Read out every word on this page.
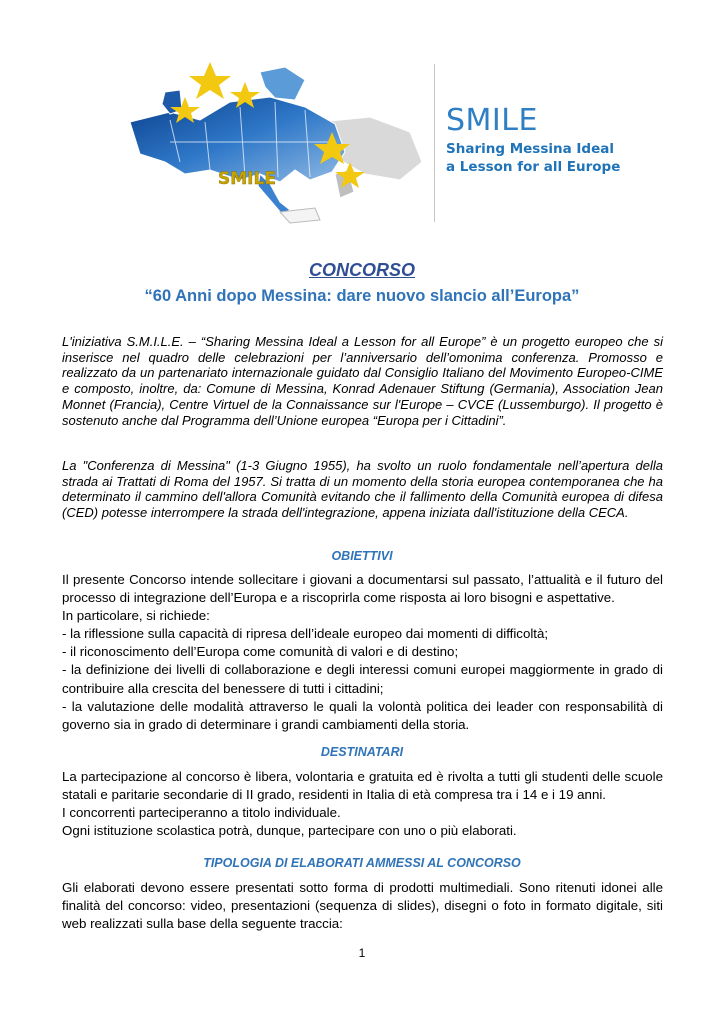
SMILE
SMILE
Sharing Messina Ideal
a Lesson for all Europe
CONCORSO
“60 Anni dopo Messina: dare nuovo slancio all’Europa”
L'iniziativa S.M.I.L.E. – “Sharing Messina Ideal a Lesson for all Europe” è un progetto europeo che si inserisce nel quadro delle celebrazioni per l’anniversario dell’omonima conferenza. Promosso e realizzato da un partenariato internazionale guidato dal Consiglio Italiano del Movimento Europeo-CIME e composto, inoltre, da: Comune di Messina, Konrad Adenauer Stiftung (Germania), Association Jean Monnet (Francia), Centre Virtuel de la Connaissance sur l'Europe – CVCE (Lussemburgo). Il progetto è sostenuto anche dal Programma dell’Unione europea “Europa per i Cittadini”.
La "Conferenza di Messina" (1-3 Giugno 1955), ha svolto un ruolo fondamentale nell’apertura della strada ai Trattati di Roma del 1957. Si tratta di un momento della storia europea contemporanea che ha determinato il cammino dell'allora Comunità evitando che il fallimento della Comunità europea di difesa (CED) potesse interrompere la strada dell'integrazione, appena iniziata dall'istituzione della CECA.
OBIETTIVI
Il presente Concorso intende sollecitare i giovani a documentarsi sul passato, l’attualità e il futuro del processo di integrazione dell’Europa e a riscoprirla come risposta ai loro bisogni e aspettative.
In particolare, si richiede:
- la riflessione sulla capacità di ripresa dell’ideale europeo dai momenti di difficoltà;
- il riconoscimento dell’Europa come comunità di valori e di destino;
- la definizione dei livelli di collaborazione e degli interessi comuni europei maggiormente in grado di contribuire alla crescita del benessere di tutti i cittadini;
- la valutazione delle modalità attraverso le quali la volontà politica dei leader con responsabilità di governo sia in grado di determinare i grandi cambiamenti della storia.
DESTINATARI
La partecipazione al concorso è libera, volontaria e gratuita ed è rivolta a tutti gli studenti delle scuole statali e paritarie secondarie di II grado, residenti in Italia di età compresa tra i 14 e i 19 anni.
I concorrenti parteciperanno a titolo individuale.
Ogni istituzione scolastica potrà, dunque, partecipare con uno o più elaborati.
TIPOLOGIA DI ELABORATI AMMESSI AL CONCORSO
Gli elaborati devono essere presentati sotto forma di prodotti multimediali. Sono ritenuti idonei alle finalità del concorso: video, presentazioni (sequenza di slides), disegni o foto in formato digitale, siti web realizzati sulla base della seguente traccia:
1
